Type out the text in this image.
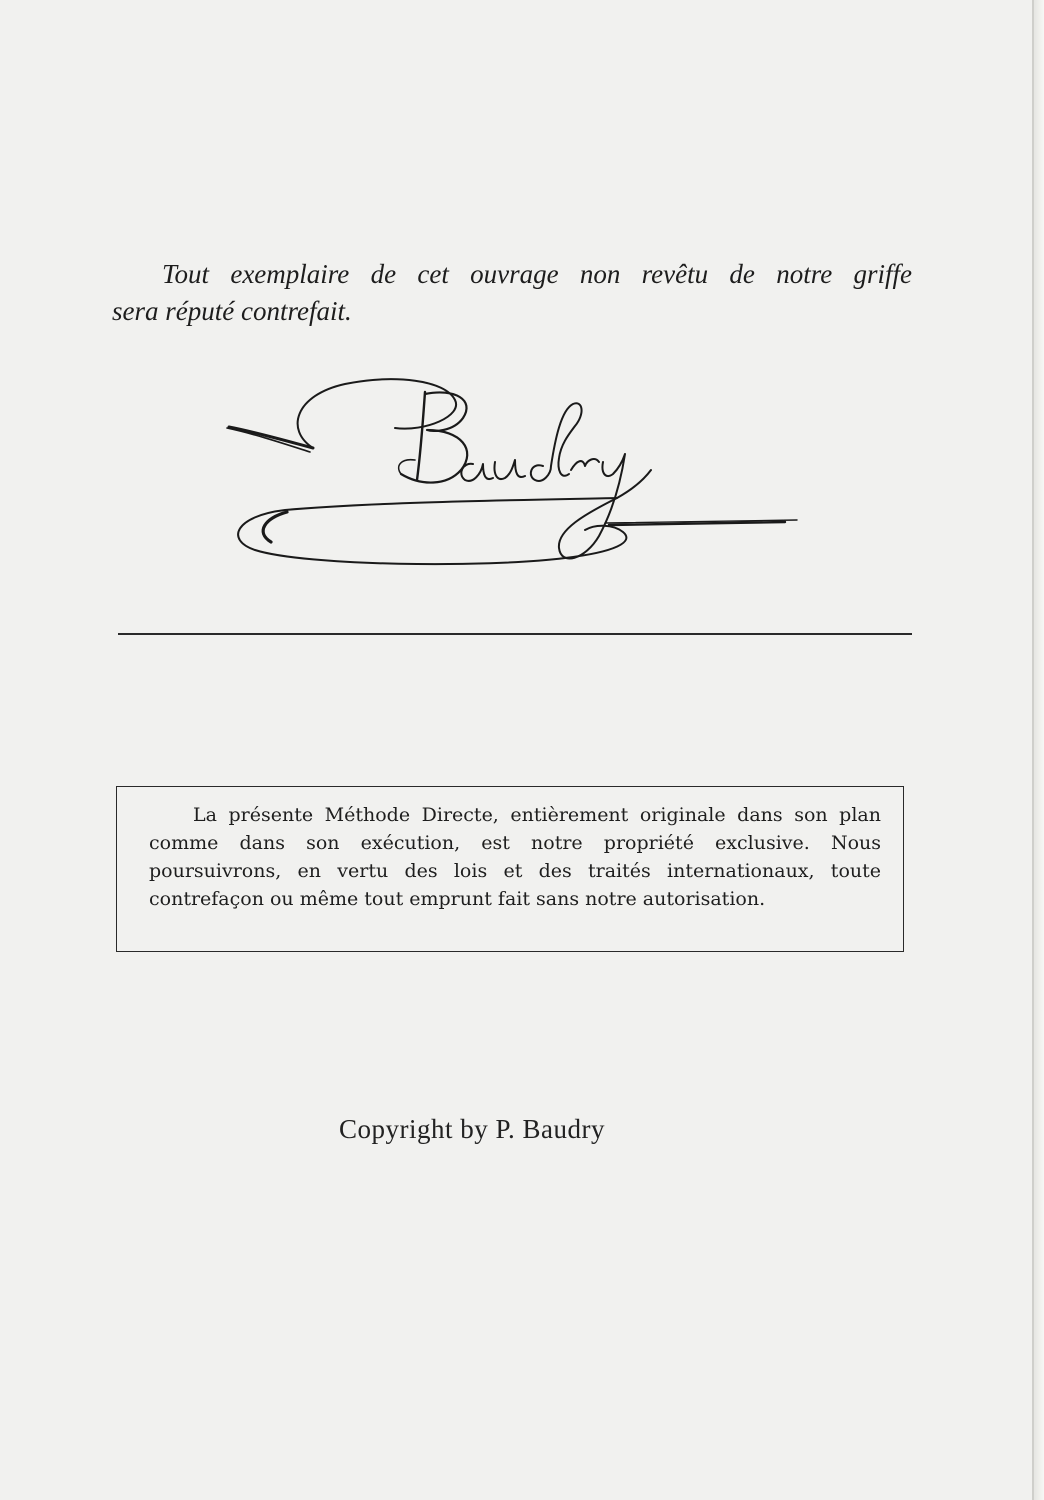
Tout exemplaire de cet ouvrage non revêtu de notre griffe
sera réputé contrefait.
La présente Méthode Directe, entièrement originale dans son plan comme dans son exécution, est notre propriété exclusive. Nous poursuivrons, en vertu des lois et des traités internationaux, toute contrefaçon ou même tout emprunt fait sans notre autorisation.
Copyright by P. Baudry
